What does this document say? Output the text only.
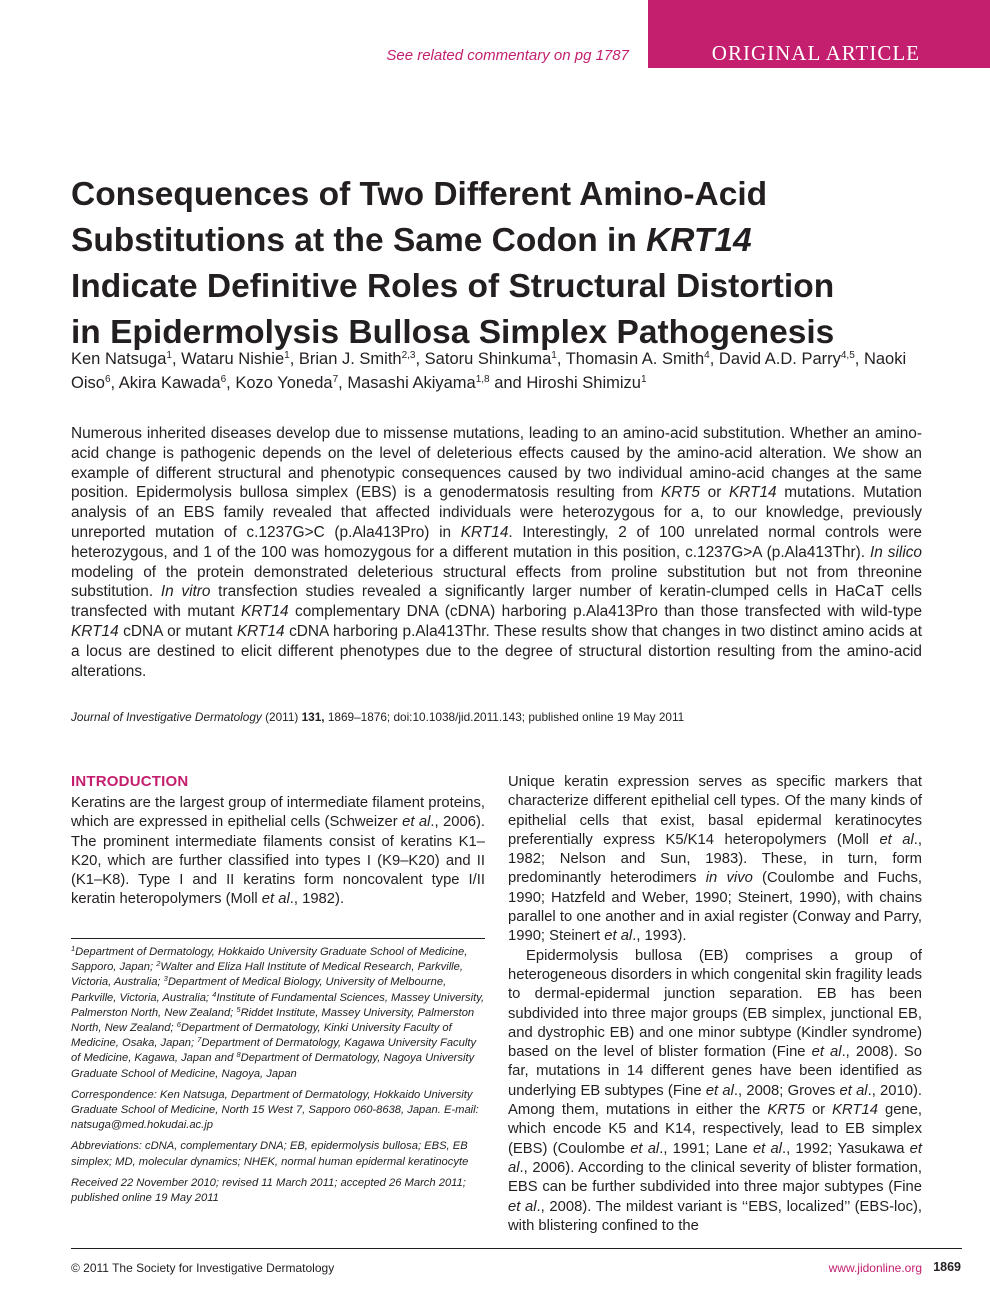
ORIGINAL ARTICLE
See related commentary on pg 1787
Consequences of Two Different Amino-Acid
Substitutions at the Same Codon in KRT14
Indicate Definitive Roles of Structural Distortion
in Epidermolysis Bullosa Simplex Pathogenesis
Ken Natsuga$^1$, Wataru Nishie$^1$, Brian J. Smith$^{2,3}$, Satoru Shinkuma$^1$, Thomasin A. Smith$^4$, David A.D. Parry$^{4,5}$, Naoki Oiso$^6$, Akira Kawada$^6$, Kozo Yoneda$^7$, Masashi Akiyama$^{1,8}$ and Hiroshi Shimizu$^1$
Numerous inherited diseases develop due to missense mutations, leading to an amino-acid substitution. Whether an amino-acid change is pathogenic depends on the level of deleterious effects caused by the amino-acid alteration. We show an example of different structural and phenotypic consequences caused by two individual amino-acid changes at the same position. Epidermolysis bullosa simplex (EBS) is a genodermatosis resulting from KRT5 or KRT14 mutations. Mutation analysis of an EBS family revealed that affected individuals were heterozygous for a, to our knowledge, previously unreported mutation of c.1237G>C (p.Ala413Pro) in KRT14. Interestingly, 2 of 100 unrelated normal controls were heterozygous, and 1 of the 100 was homozygous for a different mutation in this position, c.1237G>A (p.Ala413Thr). In silico modeling of the protein demonstrated deleterious structural effects from proline substitution but not from threonine substitution. In vitro transfection studies revealed a significantly larger number of keratin-clumped cells in HaCaT cells transfected with mutant KRT14 complementary DNA (cDNA) harboring p.Ala413Pro than those transfected with wild-type KRT14 cDNA or mutant KRT14 cDNA harboring p.Ala413Thr. These results show that changes in two distinct amino acids at a locus are destined to elicit different phenotypes due to the degree of structural distortion resulting from the amino-acid alterations.
Journal of Investigative Dermatology (2011) 131, 1869–1876; doi:10.1038/jid.2011.143; published online 19 May 2011
INTRODUCTION

Keratins are the largest group of intermediate filament proteins, which are expressed in epithelial cells (Schweizer et al., 2006). The prominent intermediate filaments consist of keratins K1–K20, which are further classified into types I (K9–K20) and II (K1–K8). Type I and II keratins form noncovalent type I/II keratin heteropolymers (Moll et al., 1982).

$^1$Department of Dermatology, Hokkaido University Graduate School of Medicine, Sapporo, Japan; $^2$Walter and Eliza Hall Institute of Medical Research, Parkville, Victoria, Australia; $^3$Department of Medical Biology, University of Melbourne, Parkville, Victoria, Australia; $^4$Institute of Fundamental Sciences, Massey University, Palmerston North, New Zealand; $^5$Riddet Institute, Massey University, Palmerston North, New Zealand; $^6$Department of Dermatology, Kinki University Faculty of Medicine, Osaka, Japan; $^7$Department of Dermatology, Kagawa University Faculty of Medicine, Kagawa, Japan and $^8$Department of Dermatology, Nagoya University Graduate School of Medicine, Nagoya, Japan

Correspondence: Ken Natsuga, Department of Dermatology, Hokkaido University Graduate School of Medicine, North 15 West 7, Sapporo 060-8638, Japan. E-mail: natsuga@med.hokudai.ac.jp

Abbreviations: cDNA, complementary DNA; EB, epidermolysis bullosa; EBS, EB simplex; MD, molecular dynamics; NHEK, normal human epidermal keratinocyte

Received 22 November 2010; revised 11 March 2011; accepted 26 March 2011; published online 19 May 2011

Unique keratin expression serves as specific markers that characterize different epithelial cell types. Of the many kinds of epithelial cells that exist, basal epidermal keratinocytes preferentially express K5/K14 heteropolymers (Moll et al., 1982; Nelson and Sun, 1983). These, in turn, form predominantly heterodimers in vivo (Coulombe and Fuchs, 1990; Hatzfeld and Weber, 1990; Steinert, 1990), with chains parallel to one another and in axial register (Conway and Parry, 1990; Steinert et al., 1993).

Epidermolysis bullosa (EB) comprises a group of heterogeneous disorders in which congenital skin fragility leads to dermal-epidermal junction separation. EB has been subdivided into three major groups (EB simplex, junctional EB, and dystrophic EB) and one minor subtype (Kindler syndrome) based on the level of blister formation (Fine et al., 2008). So far, mutations in 14 different genes have been identified as underlying EB subtypes (Fine et al., 2008; Groves et al., 2010). Among them, mutations in either the KRT5 or KRT14 gene, which encode K5 and K14, respectively, lead to EB simplex (EBS) (Coulombe et al., 1991; Lane et al., 1992; Yasukawa et al., 2006). According to the clinical severity of blister formation, EBS can be further subdivided into three major subtypes (Fine et al., 2008). The mildest variant is ‘‘EBS, localized’’ (EBS-loc), with blistering confined to the

© 2011 The Society for Investigative Dermatology	www.jidonline.org 1869
